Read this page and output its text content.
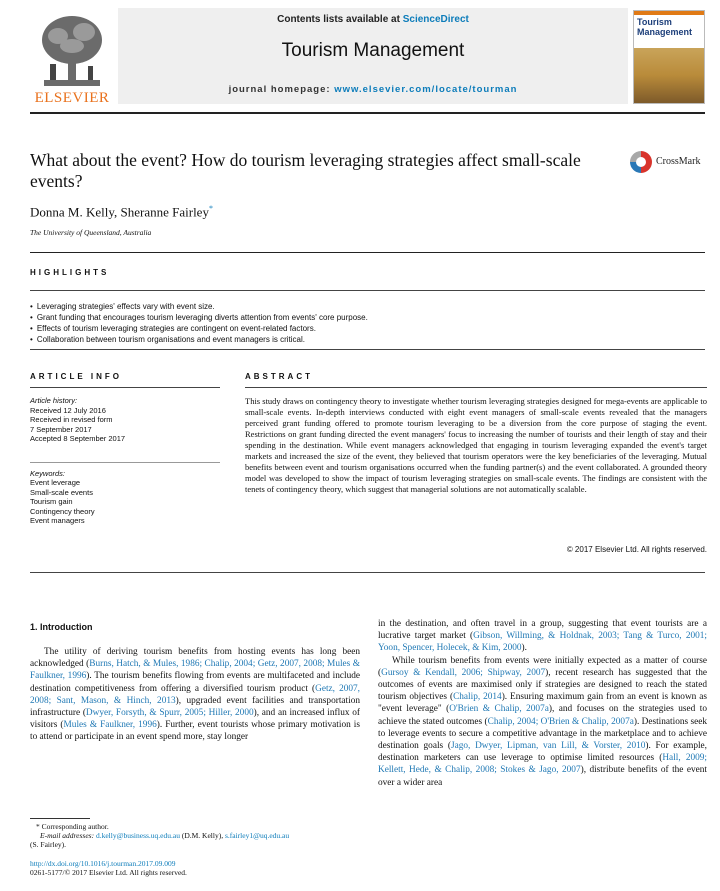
ELSEVIER
Contents lists available at ScienceDirect
Tourism Management
journal homepage: www.elsevier.com/locate/tourman
Tourism Management
What about the event? How do tourism leveraging strategies affect small-scale events?
CrossMark
Donna M. Kelly, Sheranne Fairley*
The University of Queensland, Australia
HIGHLIGHTS
• Leveraging strategies' effects vary with event size.
• Grant funding that encourages tourism leveraging diverts attention from events' core purpose.
• Effects of tourism leveraging strategies are contingent on event-related factors.
• Collaboration between tourism organisations and event managers is critical.
ARTICLE INFO	ABSTRACT
Article history:
Received 12 July 2016
Received in revised form
7 September 2017
Accepted 8 September 2017
Keywords:
Event leverage
Small-scale events
Tourism gain
Contingency theory
Event managers
This study draws on contingency theory to investigate whether tourism leveraging strategies designed for mega-events are applicable to small-scale events. In-depth interviews conducted with eight event managers of small-scale events revealed that the managers perceived grant funding offered to promote tourism leveraging to be a diversion from the core purpose of staging the event. Restrictions on grant funding directed the event managers' focus to increasing the number of tourists and their length of stay and their spending in the destination. While event managers acknowledged that engaging in tourism leveraging expanded the event's target markets and increased the size of the event, they believed that tourism operators were the key beneficiaries of the leveraging. Mutual benefits between event and tourism organisations occurred when the funding partner(s) and the event collaborated. A grounded theory model was developed to show the impact of tourism leveraging strategies on small-scale events. The findings are consistent with the tenets of contingency theory, which suggest that managerial solutions are not automatically scalable.
© 2017 Elsevier Ltd. All rights reserved.
1. Introduction

The utility of deriving tourism benefits from hosting events has long been acknowledged (Burns, Hatch, & Mules, 1986; Chalip, 2004; Getz, 2007, 2008; Mules & Faulkner, 1996). The tourism benefits flowing from events are multifaceted and include destination competitiveness from offering a diversified tourism product (Getz, 2007, 2008; Sant, Mason, & Hinch, 2013), upgraded event facilities and transportation infrastructure (Dwyer, Forsyth, & Spurr, 2005; Hiller, 2000), and an increased influx of visitors (Mules & Faulkner, 1996). Further, event tourists whose primary motivation is to attend or participate in an event spend more, stay longer

in the destination, and often travel in a group, suggesting that event tourists are a lucrative target market (Gibson, Willming, & Holdnak, 2003; Tang & Turco, 2001; Yoon, Spencer, Holecek, & Kim, 2000).

While tourism benefits from events were initially expected as a matter of course (Gursoy & Kendall, 2006; Shipway, 2007), recent research has suggested that the outcomes of events are maximised only if strategies are designed to reach the stated tourism objectives (Chalip, 2014). Ensuring maximum gain from an event is known as "event leverage" (O'Brien & Chalip, 2007a), and focuses on the strategies used to achieve the stated outcomes (Chalip, 2004; O'Brien & Chalip, 2007a). Destinations seek to leverage events to secure a competitive advantage in the marketplace and to achieve destination goals (Jago, Dwyer, Lipman, van Lill, & Vorster, 2010). For example, destination marketers can use leverage to optimise limited resources (Hall, 2009; Kellett, Hede, & Chalip, 2008; Stokes & Jago, 2007), distribute benefits of the event over a wider area

* Corresponding author.
E-mail addresses: d.kelly@business.uq.edu.au (D.M. Kelly), s.fairley1@uq.edu.au
(S. Fairley).
http://dx.doi.org/10.1016/j.tourman.2017.09.009
0261-5177/© 2017 Elsevier Ltd. All rights reserved.
